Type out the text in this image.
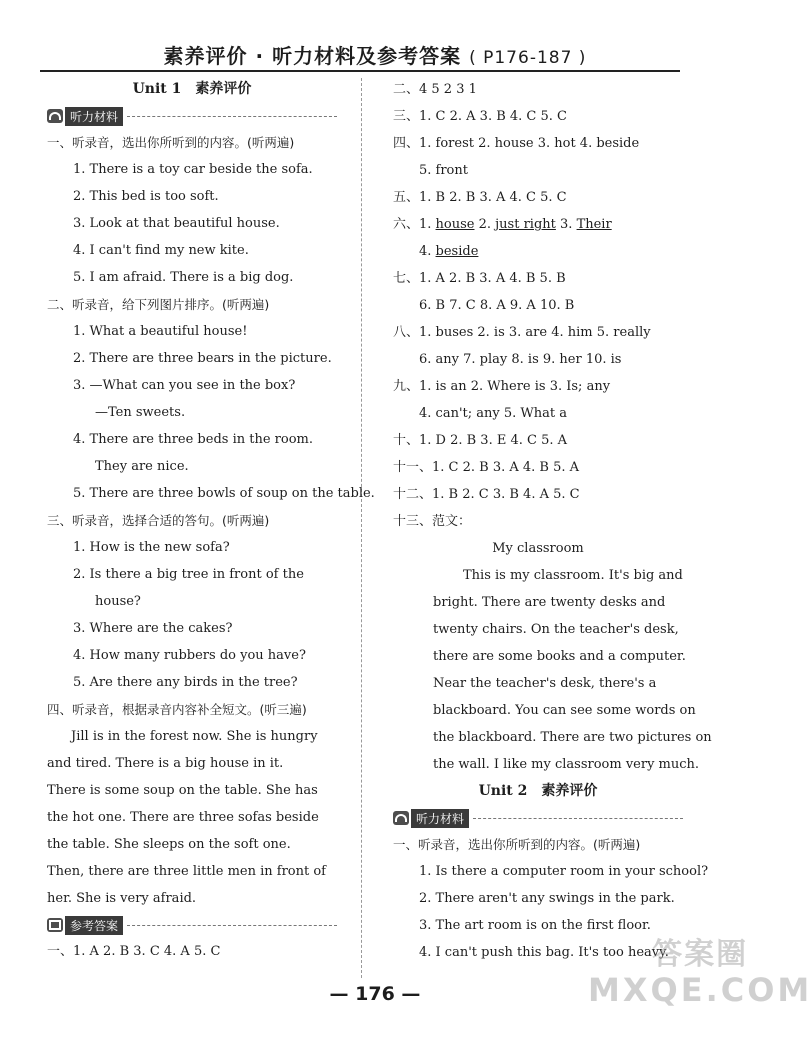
素养评价 · 听力材料及参考答案 ( P176-187 )
Unit 1　素养评价
听力材料
一、听录音，选出你所听到的内容。(听两遍)
1. There is a toy car beside the sofa.
2. This bed is too soft.
3. Look at that beautiful house.
4. I can't find my new kite.
5. I am afraid. There is a big dog.
二、听录音，给下列图片排序。(听两遍)
1. What a beautiful house!
2. There are three bears in the picture.
3. —What can you see in the box?
—Ten sweets.
4. There are three beds in the room.
They are nice.
5. There are three bowls of soup on the table.
三、听录音，选择合适的答句。(听两遍)
1. How is the new sofa?
2. Is there a big tree in front of the
house?
3. Where are the cakes?
4. How many rubbers do you have?
5. Are there any birds in the tree?
四、听录音，根据录音内容补全短文。(听三遍)
Jill is in the forest now. She is hungry
and tired. There is a big house in it.
There is some soup on the table. She has
the hot one. There are three sofas beside
the table. She sleeps on the soft one.
Then, there are three little men in front of
her. She is very afraid.
参考答案
一、1. A 2. B 3. C 4. A 5. C
二、4 5 2 3 1
三、1. C 2. A 3. B 4. C 5. C
四、1. forest 2. house 3. hot 4. beside
5. front
五、1. B 2. B 3. A 4. C 5. C
六、1. house 2. just right 3. Their
4. beside
七、1. A 2. B 3. A 4. B 5. B
6. B 7. C 8. A 9. A 10. B
八、1. buses 2. is 3. are 4. him 5. really
6. any 7. play 8. is 9. her 10. is
九、1. is an 2. Where is 3. Is; any
4. can't; any 5. What a
十、1. D 2. B 3. E 4. C 5. A
十一、1. C 2. B 3. A 4. B 5. A
十二、1. B 2. C 3. B 4. A 5. C
十三、范文：
My classroom
This is my classroom. It's big and
bright. There are twenty desks and
twenty chairs. On the teacher's desk,
there are some books and a computer.
Near the teacher's desk, there's a
blackboard. You can see some words on
the blackboard. There are two pictures on
the wall. I like my classroom very much.
Unit 2　素养评价
听力材料
一、听录音，选出你所听到的内容。(听两遍)
1. Is there a computer room in your school?
2. There aren't any swings in the park.
3. The art room is on the first floor.
4. I can't push this bag. It's too heavy.
— 176 —
答案圈
MXQE.COM
